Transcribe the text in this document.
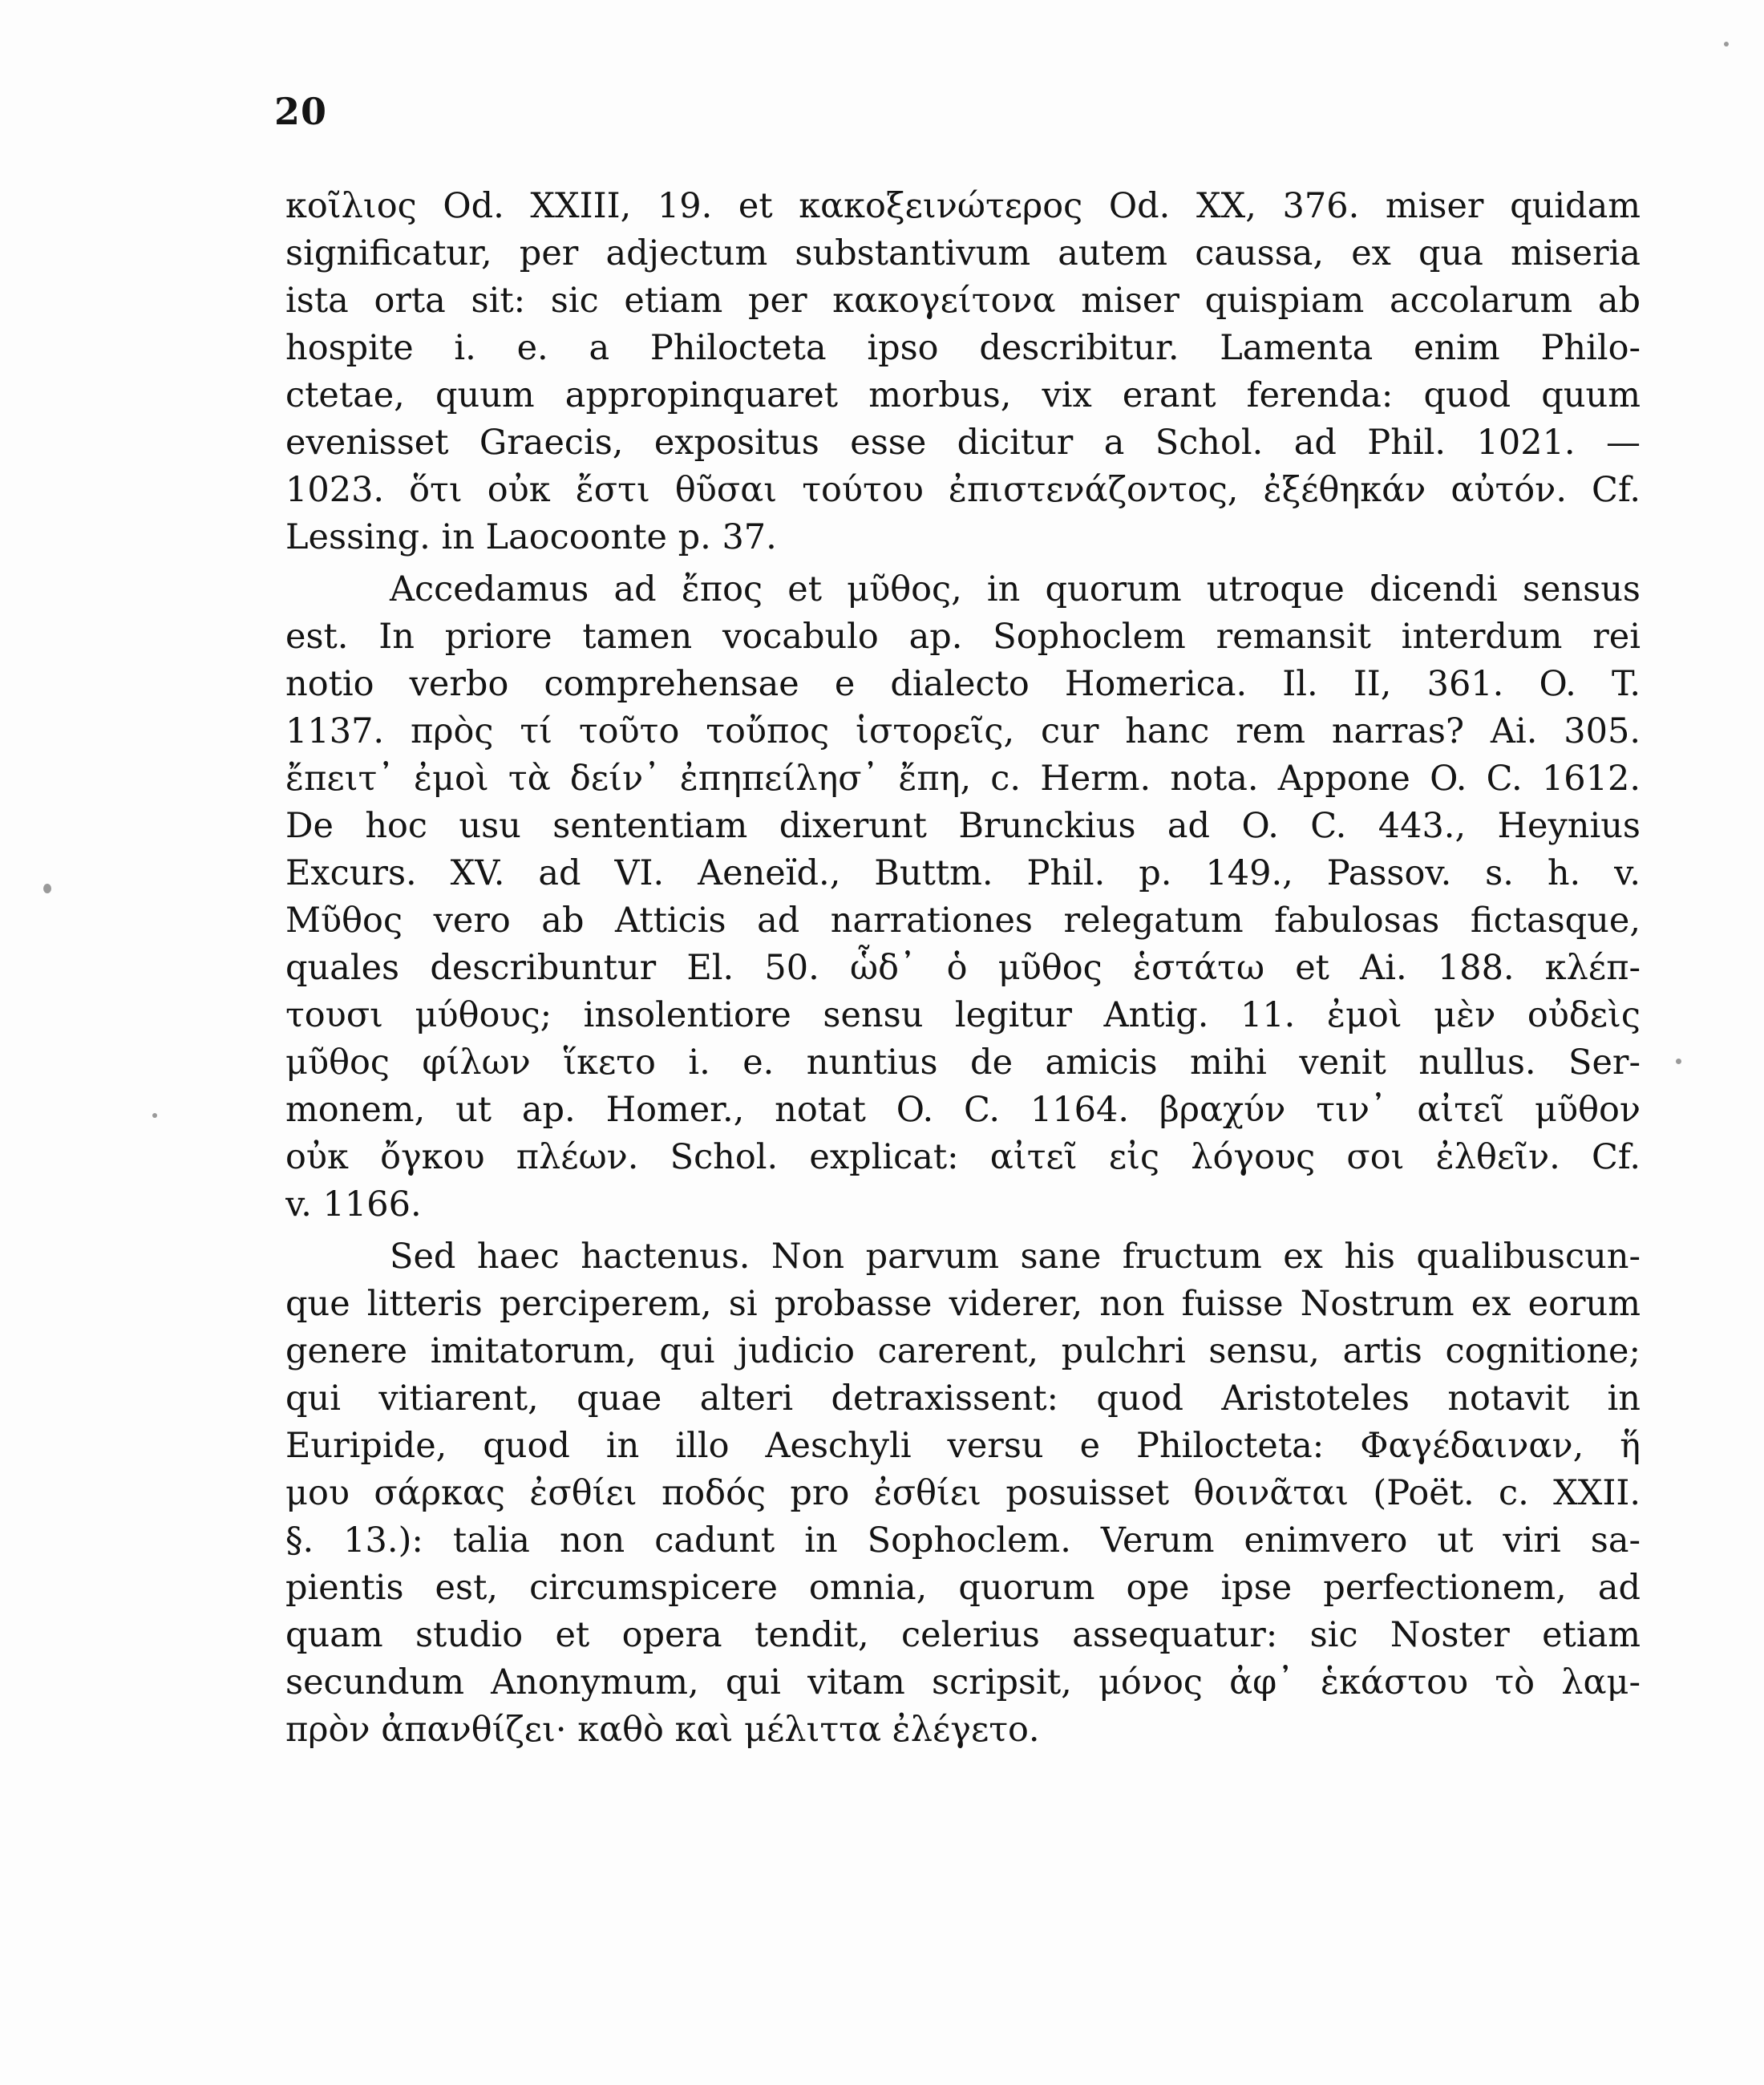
20
κοῖλιος Od. XXIII, 19. et κακοξεινώτερος Od. XX, 376. miser quidam
significatur, per adjectum substantivum autem caussa, ex qua miseria
ista orta sit: sic etiam per κακογείτονα miser quispiam accolarum ab
hospite i. e. a Philocteta ipso describitur. Lamenta enim Philo-
ctetae, quum appropinquaret morbus, vix erant ferenda: quod quum
evenisset Graecis, expositus esse dicitur a Schol. ad Phil. 1021. —
1023. ὅτι οὐκ ἔστι θῦσαι τούτου ἐπιστενάζοντος, ἐξέθηκάν αὐτόν. Cf.
Lessing. in Laocoonte p. 37.
Accedamus ad ἔπος et μῦθος, in quorum utroque dicendi sensus
est. In priore tamen vocabulo ap. Sophoclem remansit interdum rei
notio verbo comprehensae e dialecto Homerica. Il. II, 361. O. T.
1137. πρὸς τί τοῦτο τοὔπος ἱστορεῖς, cur hanc rem narras? Ai. 305.
ἔπειτ᾽ ἐμοὶ τὰ δείν᾽ ἐπηπείλησ᾽ ἔπη, c. Herm. nota. Appone O. C. 1612.
De hoc usu sententiam dixerunt Brunckius ad O. C. 443., Heynius
Excurs. XV. ad VI. Aeneïd., Buttm. Phil. p. 149., Passov. s. h. v.
Μῦθος vero ab Atticis ad narrationes relegatum fabulosas fictasque,
quales describuntur El. 50. ὧδ᾽ ὁ μῦθος ἑστάτω et Ai. 188. κλέπ-
τουσι μύθους; insolentiore sensu legitur Antig. 11. ἐμοὶ μὲν οὐδεὶς
μῦθος φίλων ἵκετο i. e. nuntius de amicis mihi venit nullus. Ser-
monem, ut ap. Homer., notat O. C. 1164. βραχύν τιν᾽ αἰτεῖ μῦθον
οὐκ ὄγκου πλέων. Schol. explicat: αἰτεῖ εἰς λόγους σοι ἐλθεῖν. Cf.
v. 1166.
Sed haec hactenus. Non parvum sane fructum ex his qualibuscun-
que litteris perciperem, si probasse viderer, non fuisse Nostrum ex eorum
genere imitatorum, qui judicio carerent, pulchri sensu, artis cognitione;
qui vitiarent, quae alteri detraxissent: quod Aristoteles notavit in
Euripide, quod in illo Aeschyli versu e Philocteta: Φαγέδαιναν, ἥ
μου σάρκας ἐσθίει ποδός pro ἐσθίει posuisset θοινᾶται (Poët. c. XXII.
§. 13.): talia non cadunt in Sophoclem. Verum enimvero ut viri sa-
pientis est, circumspicere omnia, quorum ope ipse perfectionem, ad
quam studio et opera tendit, celerius assequatur: sic Noster etiam
secundum Anonymum, qui vitam scripsit, μόνος ἀφ᾽ ἑκάστου τὸ λαμ-
πρὸν ἀπανθίζει· καθὸ καὶ μέλιττα ἐλέγετο.
